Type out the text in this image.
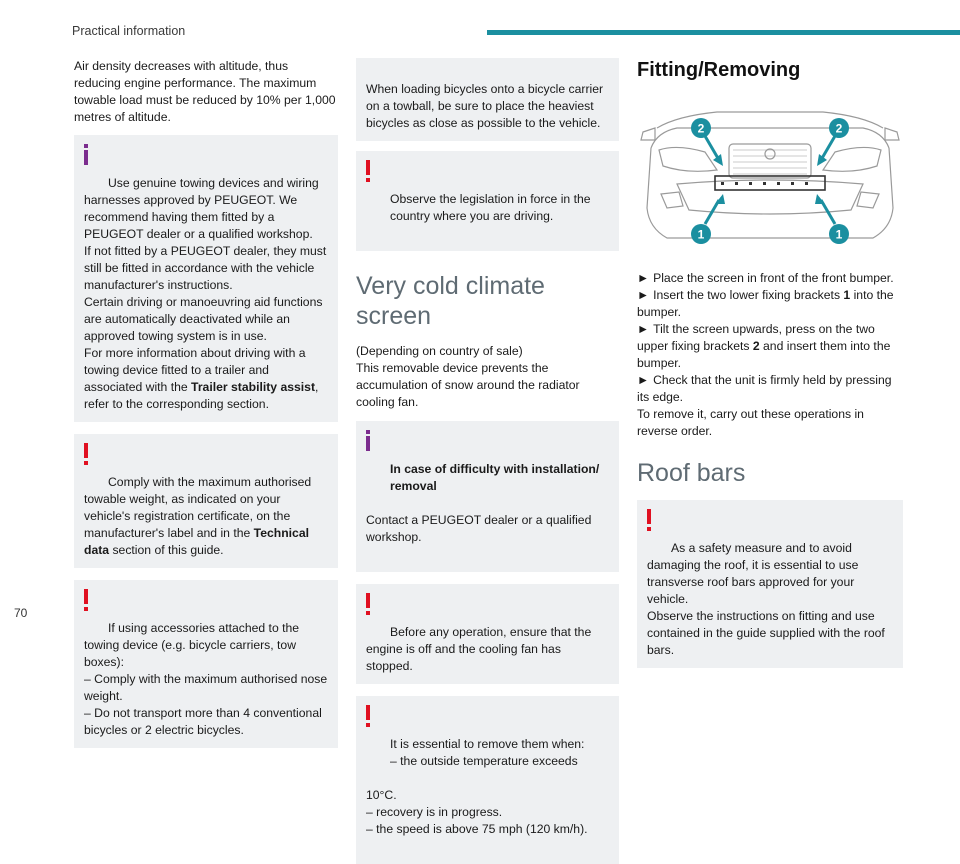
Practical information

Air density decreases with altitude, thus reducing engine performance. The maximum towable load must be reduced by 10% per 1,000 metres of altitude.

Use genuine towing devices and wiring harnesses approved by PEUGEOT. We
recommend having them fitted by a PEUGEOT dealer or a qualified workshop.
If not fitted by a PEUGEOT dealer, they must still be fitted in accordance with the vehicle manufacturer's instructions.
Certain driving or manoeuvring aid functions are automatically deactivated while an approved towing system is in use.
For more information about driving with a towing device fitted to a trailer and associated with the Trailer stability assist, refer to the corresponding section.

Comply with the maximum authorised towable weight, as indicated on your
vehicle's registration certificate, on the manufacturer's label and in the Technical data section of this guide.

If using accessories attached to the towing device (e.g. bicycle carriers, tow
boxes):
– Comply with the maximum authorised nose weight.
– Do not transport more than 4 conventional bicycles or 2 electric bicycles.

When loading bicycles onto a bicycle carrier on a towball, be sure to place the heaviest bicycles as close as possible to the vehicle.

Observe the legislation in force in the country where you are driving.

Very cold climate screen

(Depending on country of sale)
This removable device prevents the accumulation of snow around the radiator cooling fan.

In case of difficulty with installation/ removal

Contact a PEUGEOT dealer or a qualified workshop.

Before any operation, ensure that the engine is off and the cooling fan has
stopped.

It is essential to remove them when:
– the outside temperature exceeds

10°C.
– recovery is in progress.
– the speed is above 75 mph (120 km/h).

Fitting/Removing
2	2
1	1

► Place the screen in front of the front bumper.

► Insert the two lower fixing brackets 1 into the bumper.

► Tilt the screen upwards, press on the two upper fixing brackets 2 and insert them into the bumper.

► Check that the unit is firmly held by pressing its edge.

To remove it, carry out these operations in reverse order.

Roof bars

As a safety measure and to avoid damaging the roof, it is essential to use
transverse roof bars approved for your vehicle.
Observe the instructions on fitting and use contained in the guide supplied with the roof bars.

70
